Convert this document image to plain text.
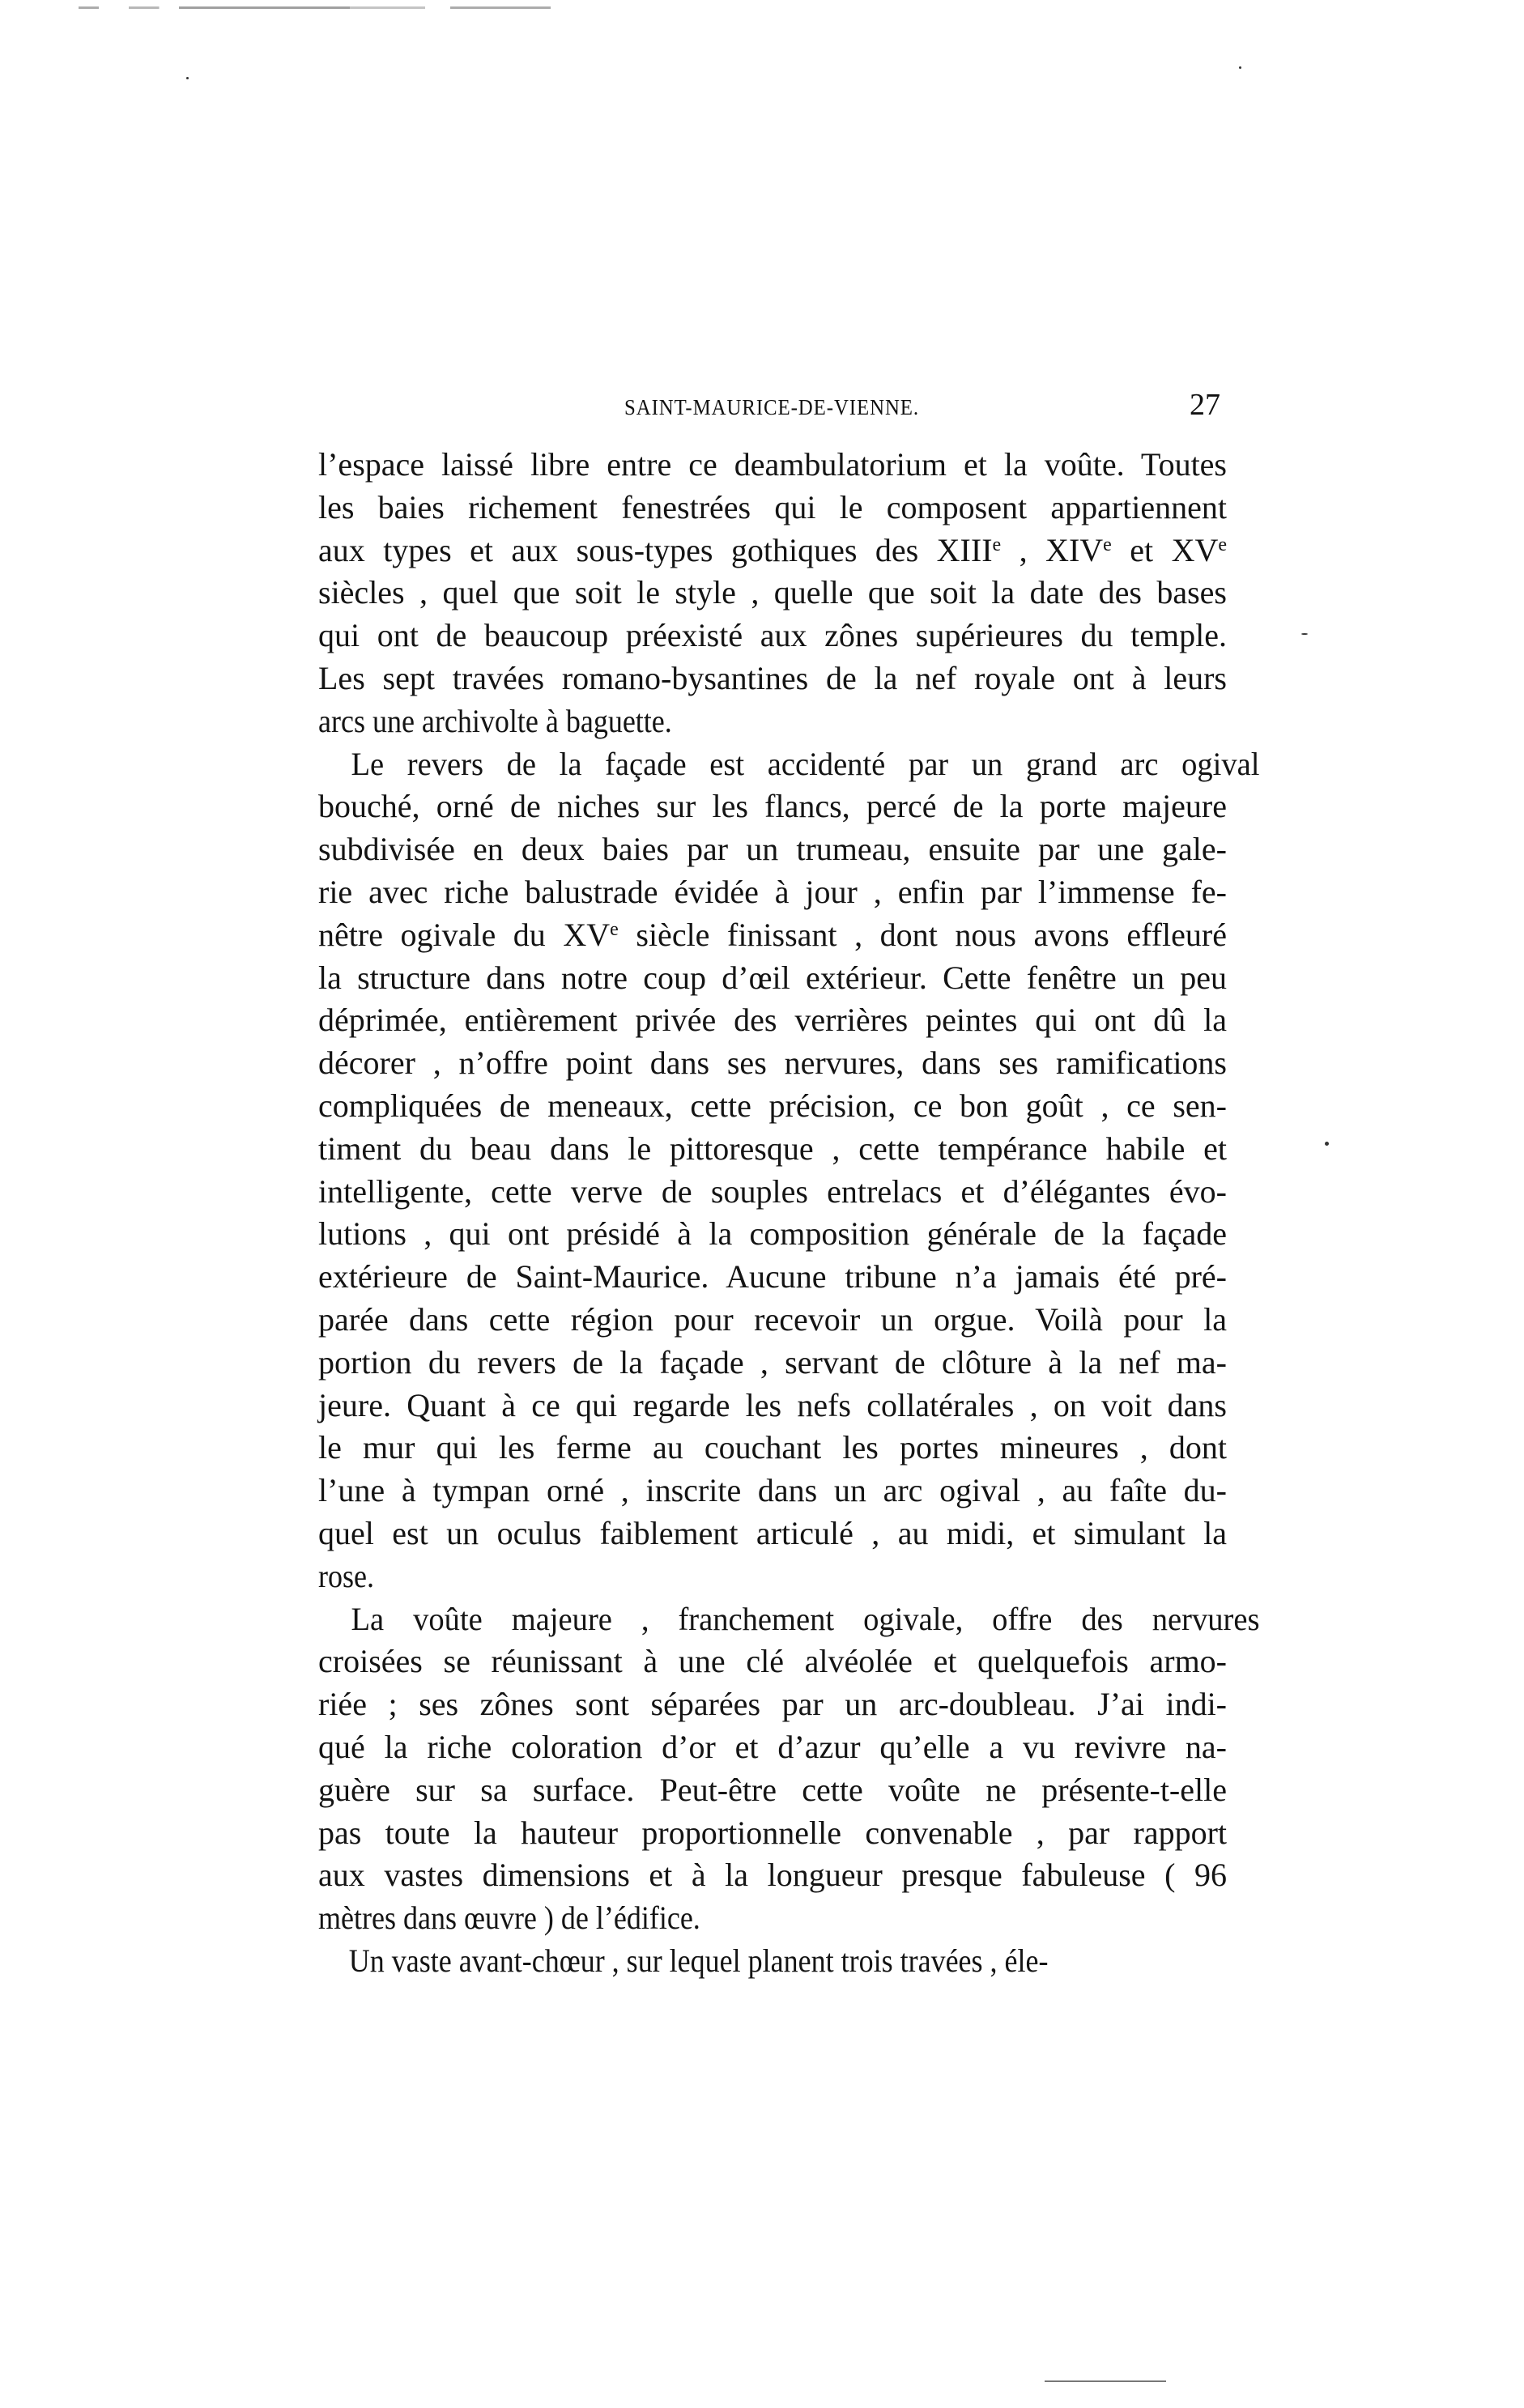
SAINT-MAURICE-DE-VIENNE.	27
l’espace laissé libre entre ce deambulatorium et la voûte. Toutes
les baies richement fenestrées qui le composent appartiennent
aux types et aux sous-types gothiques des XIIIe , XIVe et XVe
siècles , quel que soit le style , quelle que soit la date des bases
qui ont de beaucoup préexisté aux zônes supérieures du temple.
Les sept travées romano-bysantines de la nef royale ont à leurs
arcs une archivolte à baguette.
Le revers de la façade est accidenté par un grand arc ogival
bouché, orné de niches sur les flancs, percé de la porte majeure
subdivisée en deux baies par un trumeau, ensuite par une gale-
rie avec riche balustrade évidée à jour , enfin par l’immense fe-
nêtre ogivale du XVe siècle finissant , dont nous avons effleuré
la structure dans notre coup d’œil extérieur. Cette fenêtre un peu
déprimée, entièrement privée des verrières peintes qui ont dû la
décorer , n’offre point dans ses nervures, dans ses ramifications
compliquées de meneaux, cette précision, ce bon goût , ce sen-
timent du beau dans le pittoresque , cette tempérance habile et
intelligente, cette verve de souples entrelacs et d’élégantes évo-
lutions , qui ont présidé à la composition générale de la façade
extérieure de Saint-Maurice. Aucune tribune n’a jamais été pré-
parée dans cette région pour recevoir un orgue. Voilà pour la
portion du revers de la façade , servant de clôture à la nef ma-
jeure. Quant à ce qui regarde les nefs collatérales , on voit dans
le mur qui les ferme au couchant les portes mineures , dont
l’une à tympan orné , inscrite dans un arc ogival , au faîte du-
quel est un oculus faiblement articulé , au midi, et simulant la
rose.
La voûte majeure , franchement ogivale, offre des nervures
croisées se réunissant à une clé alvéolée et quelquefois armo-
riée ; ses zônes sont séparées par un arc-doubleau. J’ai indi-
qué la riche coloration d’or et d’azur qu’elle a vu revivre na-
guère sur sa surface. Peut-être cette voûte ne présente-t-elle
pas toute la hauteur proportionnelle convenable , par rapport
aux vastes dimensions et à la longueur presque fabuleuse ( 96
mètres dans œuvre ) de l’édifice.
Un vaste avant-chœur , sur lequel planent trois travées , éle-
